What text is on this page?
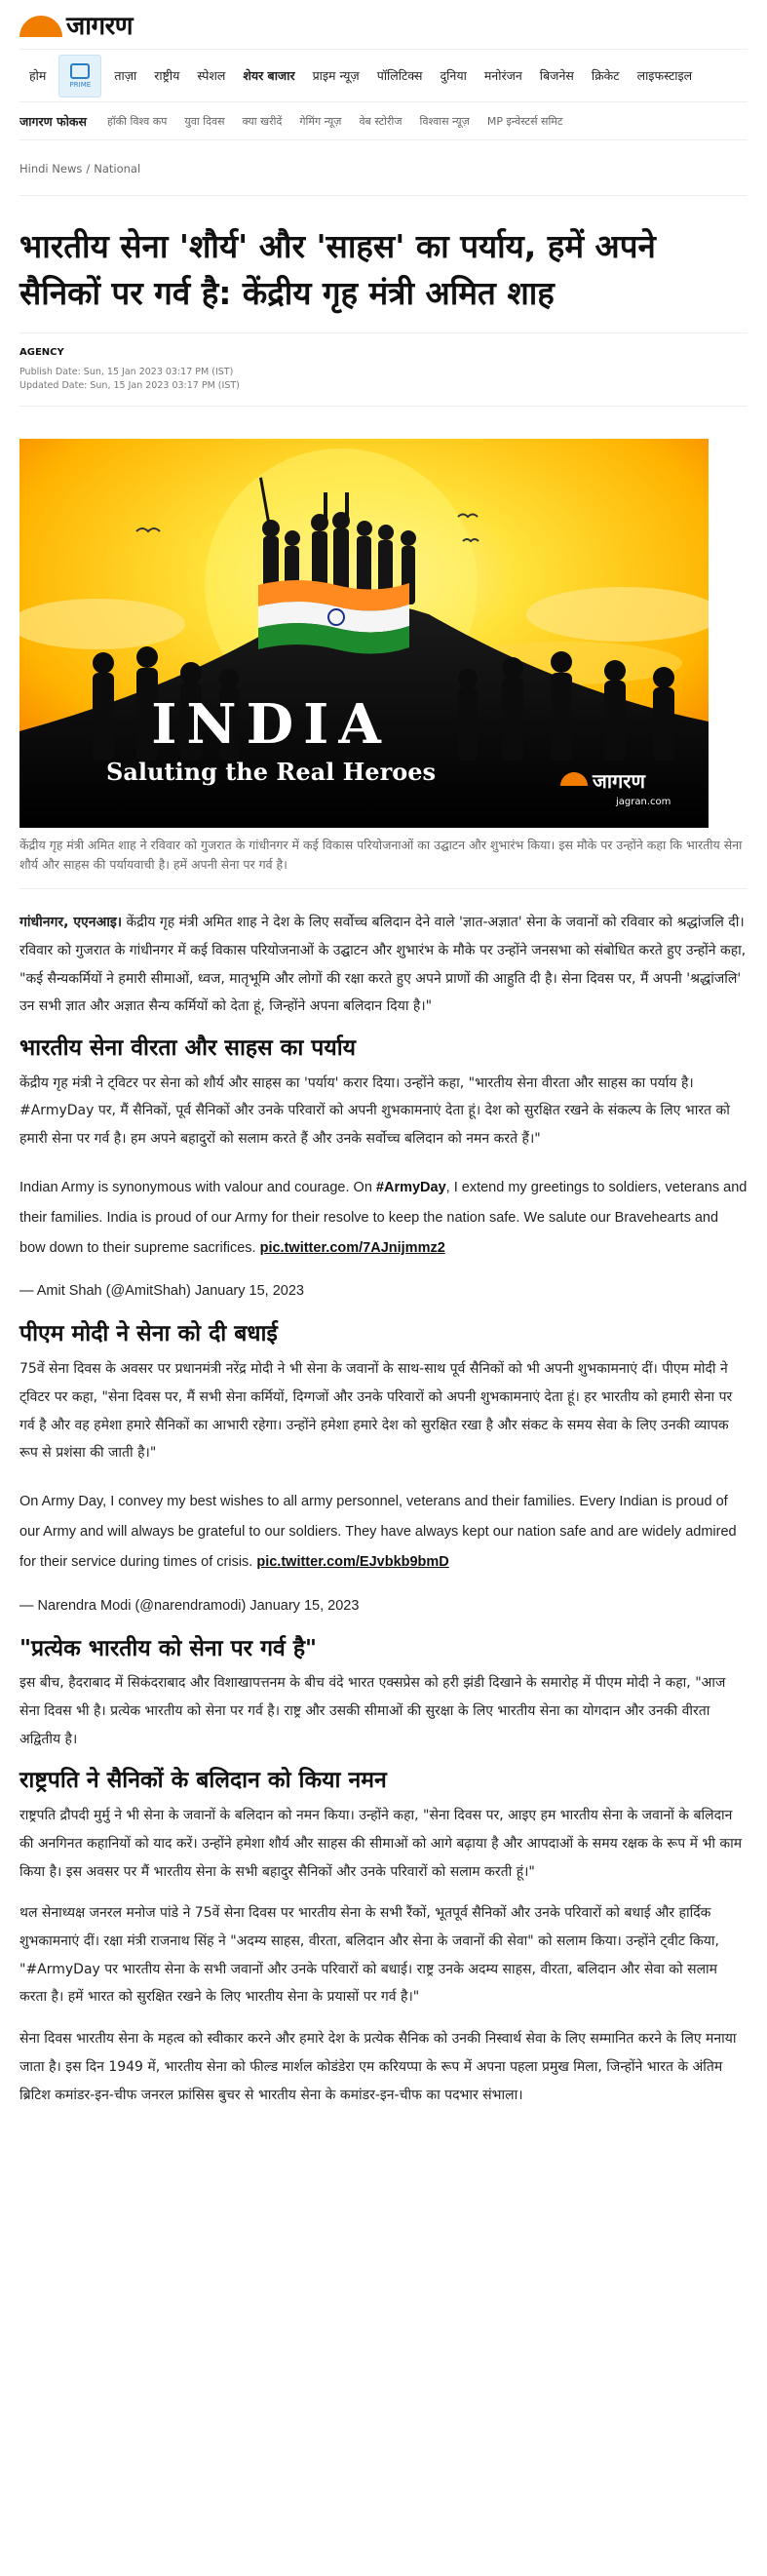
जागरण
होम
PRIME
ताज़ा	राष्ट्रीय	स्पेशल	शेयर बाजार	प्राइम न्यूज़	पॉलिटिक्स	दुनिया	मनोरंजन	बिजनेस	क्रिकेट	लाइफस्टाइल
जागरण फोकस	हॉकी विश्व कप	युवा दिवस	क्या खरीदें	गेमिंग न्यूज़	वेब स्टोरीज	विश्वास न्यूज़	MP इन्वेस्टर्स समिट
Hindi News / National
भारतीय सेना 'शौर्य' और 'साहस' का पर्याय, हमें अपने सैनिकों पर गर्व है: केंद्रीय गृह मंत्री अमित शाह
AGENCY
Publish Date: Sun, 15 Jan 2023 03:17 PM (IST)
Updated Date: Sun, 15 Jan 2023 03:17 PM (IST)
INDIA
Saluting the Real Heroes	जागरण
jagran.com
केंद्रीय गृह मंत्री अमित शाह ने रविवार को गुजरात के गांधीनगर में कई विकास परियोजनाओं का उद्घाटन और शुभारंभ किया। इस मौके पर उन्होंने कहा कि भारतीय सेना शौर्य और साहस की पर्यायवाची है। हमें अपनी सेना पर गर्व है।

गांधीनगर, एएनआइ। केंद्रीय गृह मंत्री अमित शाह ने देश के लिए सर्वोच्च बलिदान देने वाले 'ज्ञात-अज्ञात' सेना के जवानों को रविवार को श्रद्धांजलि दी। रविवार को गुजरात के गांधीनगर में कई विकास परियोजनाओं के उद्घाटन और शुभारंभ के मौके पर उन्होंने जनसभा को संबोधित करते हुए उन्होंने कहा, "कई सैन्यकर्मियों ने हमारी सीमाओं, ध्वज, मातृभूमि और लोगों की रक्षा करते हुए अपने प्राणों की आहुति दी है। सेना दिवस पर, मैं अपनी 'श्रद्धांजलि' उन सभी ज्ञात और अज्ञात सैन्य कर्मियों को देता हूं, जिन्होंने अपना बलिदान दिया है।"

भारतीय सेना वीरता और साहस का पर्याय

केंद्रीय गृह मंत्री ने ट्विटर पर सेना को शौर्य और साहस का 'पर्याय' करार दिया। उन्होंने कहा, "भारतीय सेना वीरता और साहस का पर्याय है। #ArmyDay पर, मैं सैनिकों, पूर्व सैनिकों और उनके परिवारों को अपनी शुभकामनाएं देता हूं। देश को सुरक्षित रखने के संकल्प के लिए भारत को हमारी सेना पर गर्व है। हम अपने बहादुरों को सलाम करते हैं और उनके सर्वोच्च बलिदान को नमन करते हैं।"

Indian Army is synonymous with valour and courage. On #ArmyDay, I extend my greetings to soldiers, veterans and their families. India is proud of our Army for their resolve to keep the nation safe. We salute our Bravehearts and bow down to their supreme sacrifices. pic.twitter.com/7AJnijmmz2
— Amit Shah (@AmitShah) January 15, 2023
पीएम मोदी ने सेना को दी बधाई

75वें सेना दिवस के अवसर पर प्रधानमंत्री नरेंद्र मोदी ने भी सेना के जवानों के साथ-साथ पूर्व सैनिकों को भी अपनी शुभकामनाएं दीं। पीएम मोदी ने ट्विटर पर कहा, "सेना दिवस पर, मैं सभी सेना कर्मियों, दिग्गजों और उनके परिवारों को अपनी शुभकामनाएं देता हूं। हर भारतीय को हमारी सेना पर गर्व है और वह हमेशा हमारे सैनिकों का आभारी रहेगा। उन्होंने हमेशा हमारे देश को सुरक्षित रखा है और संकट के समय सेवा के लिए उनकी व्यापक रूप से प्रशंसा की जाती है।"

On Army Day, I convey my best wishes to all army personnel, veterans and their families. Every Indian is proud of our Army and will always be grateful to our soldiers. They have always kept our nation safe and are widely admired for their service during times of crisis. pic.twitter.com/EJvbkb9bmD
— Narendra Modi (@narendramodi) January 15, 2023
"प्रत्येक भारतीय को सेना पर गर्व है"

इस बीच, हैदराबाद में सिकंदराबाद और विशाखापत्तनम के बीच वंदे भारत एक्सप्रेस को हरी झंडी दिखाने के समारोह में पीएम मोदी ने कहा, "आज सेना दिवस भी है। प्रत्येक भारतीय को सेना पर गर्व है। राष्ट्र और उसकी सीमाओं की सुरक्षा के लिए भारतीय सेना का योगदान और उनकी वीरता अद्वितीय है।

राष्ट्रपति ने सैनिकों के बलिदान को किया नमन

राष्ट्रपति द्रौपदी मुर्मु ने भी सेना के जवानों के बलिदान को नमन किया। उन्होंने कहा, "सेना दिवस पर, आइए हम भारतीय सेना के जवानों के बलिदान की अनगिनत कहानियों को याद करें। उन्होंने हमेशा शौर्य और साहस की सीमाओं को आगे बढ़ाया है और आपदाओं के समय रक्षक के रूप में भी काम किया है। इस अवसर पर मैं भारतीय सेना के सभी बहादुर सैनिकों और उनके परिवारों को सलाम करती हूं।"

थल सेनाध्यक्ष जनरल मनोज पांडे ने 75वें सेना दिवस पर भारतीय सेना के सभी रैंकों, भूतपूर्व सैनिकों और उनके परिवारों को बधाई और हार्दिक शुभकामनाएं दीं। रक्षा मंत्री राजनाथ सिंह ने "अदम्य साहस, वीरता, बलिदान और सेना के जवानों की सेवा" को सलाम किया। उन्होंने ट्वीट किया, "#ArmyDay पर भारतीय सेना के सभी जवानों और उनके परिवारों को बधाई। राष्ट्र उनके अदम्य साहस, वीरता, बलिदान और सेवा को सलाम करता है। हमें भारत को सुरक्षित रखने के लिए भारतीय सेना के प्रयासों पर गर्व है।"

सेना दिवस भारतीय सेना के महत्व को स्वीकार करने और हमारे देश के प्रत्येक सैनिक को उनकी निस्वार्थ सेवा के लिए सम्मानित करने के लिए मनाया जाता है। इस दिन 1949 में, भारतीय सेना को फील्ड मार्शल कोडंडेरा एम करियप्पा के रूप में अपना पहला प्रमुख मिला, जिन्होंने भारत के अंतिम ब्रिटिश कमांडर-इन-चीफ जनरल फ्रांसिस बुचर से भारतीय सेना के कमांडर-इन-चीफ का पदभार संभाला।
